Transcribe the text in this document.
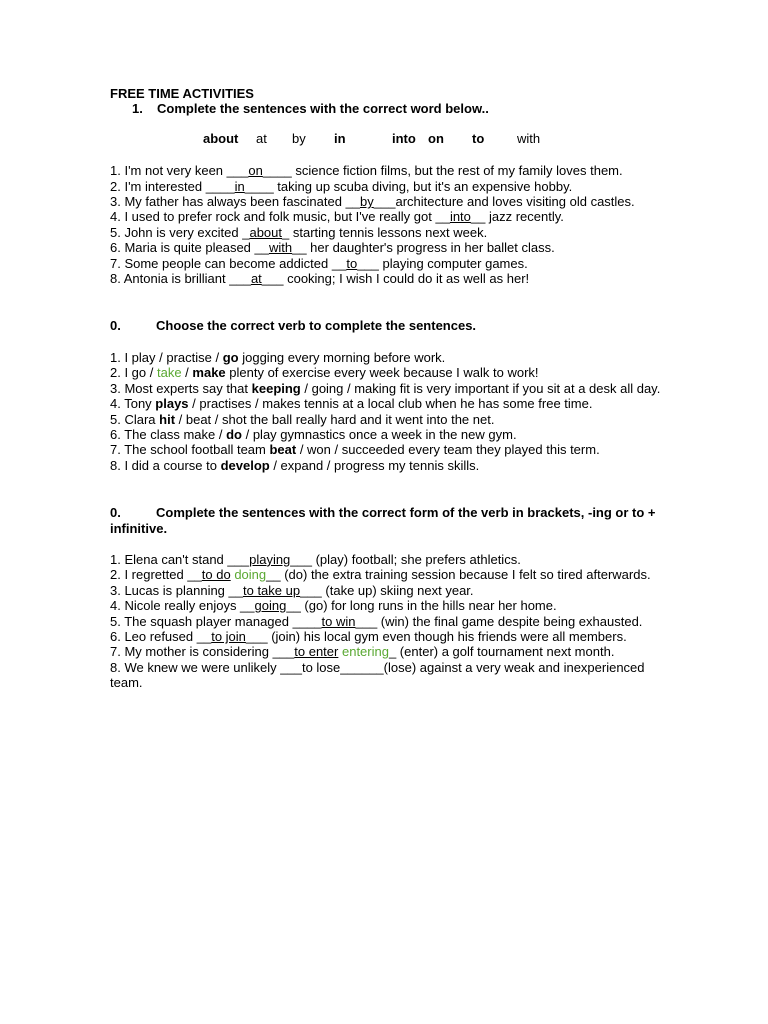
FREE TIME ACTIVITIES
1. Complete the sentences with the correct word below..
about at by in	into on to	with
1. I'm not very keen ___on____ science fiction films, but the rest of my family loves them.
2. I'm interested ____in____ taking up scuba diving, but it's an expensive hobby.
3. My father has always been fascinated __by___architecture and loves visiting old castles.
4. I used to prefer rock and folk music, but I've really got __into__ jazz recently.
5. John is very excited _about_ starting tennis lessons next week.
6. Maria is quite pleased __with__ her daughter's progress in her ballet class.
7. Some people can become addicted __to___ playing computer games.
8. Antonia is brilliant ___at___ cooking; I wish I could do it as well as her!
0.	Choose the correct verb to complete the sentences.
1. I play / practise / go jogging every morning before work.
2. I go / take / make plenty of exercise every week because I walk to work!
3. Most experts say that keeping / going / making fit is very important if you sit at a desk all day.
4. Tony plays / practises / makes tennis at a local club when he has some free time.
5. Clara hit / beat / shot the ball really hard and it went into the net.
6. The class make / do / play gymnastics once a week in the new gym.
7. The school football team beat / won / succeeded every team they played this term.
8. I did a course to develop / expand / progress my tennis skills.
0.	Complete the sentences with the correct form of the verb in brackets, -ing or to + infinitive.
1. Elena can't stand ___playing___ (play) football; she prefers athletics.
2. I regretted __to do doing__ (do) the extra training session because I felt so tired afterwards.
3. Lucas is planning __to take up___ (take up) skiing next year.
4. Nicole really enjoys __going__ (go) for long runs in the hills near her home.
5. The squash player managed ____to win___ (win) the final game despite being exhausted.
6. Leo refused __to join___ (join) his local gym even though his friends were all members.
7. My mother is considering ___to enter entering_ (enter) a golf tournament next month.
8. We knew we were unlikely ___to lose______(lose) against a very weak and inexperienced team.
